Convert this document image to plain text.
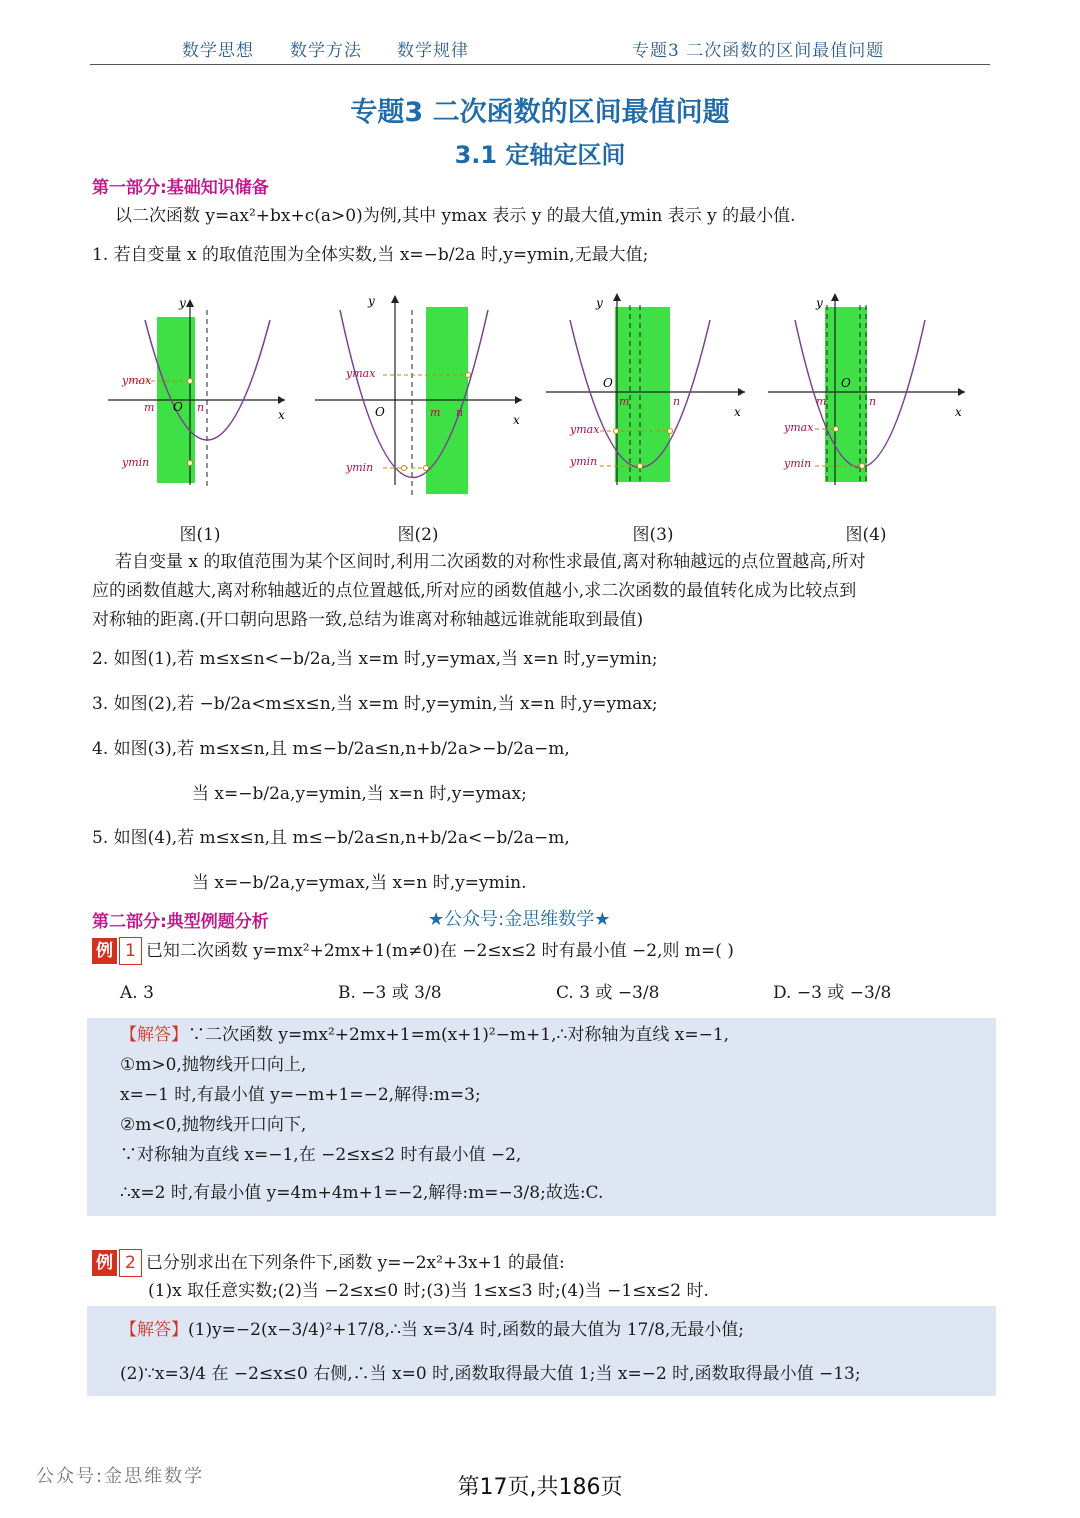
数学思想 数学方法 数学规律	专题3 二次函数的区间最值问题
专题3 二次函数的区间最值问题
3.1 定轴定区间
第一部分:基础知识储备
以二次函数 y=ax²+bx+c(a>0)为例,其中 ymax 表示 y 的最大值,ymin 表示 y 的最小值.
1. 若自变量 x 的取值范围为全体实数,当 x=−b/2a 时,y=ymin,无最大值;
y
x
O
m	n
ymax
ymin
y
x
O	m n
ymax
ymin
y
x
O
m	n
ymax
ymin
y
x
O
m	n
ymax
ymin
图(1)	图(2)	图(3)	图(4)
若自变量 x 的取值范围为某个区间时,利用二次函数的对称性求最值,离对称轴越远的点位置越高,所对
应的函数值越大,离对称轴越近的点位置越低,所对应的函数值越小,求二次函数的最值转化成为比较点到
对称轴的距离.(开口朝向思路一致,总结为谁离对称轴越远谁就能取到最值)
2. 如图(1),若 m≤x≤n<−b/2a,当 x=m 时,y=ymax,当 x=n 时,y=ymin;
3. 如图(2),若 −b/2a<m≤x≤n,当 x=m 时,y=ymin,当 x=n 时,y=ymax;
4. 如图(3),若 m≤x≤n,且 m≤−b/2a≤n,n+b/2a>−b/2a−m,
当 x=−b/2a,y=ymin,当 x=n 时,y=ymax;
5. 如图(4),若 m≤x≤n,且 m≤−b/2a≤n,n+b/2a<−b/2a−m,
当 x=−b/2a,y=ymax,当 x=n 时,y=ymin.
第二部分:典型例题分析	★公众号:金思维数学★
例 1 已知二次函数 y=mx²+2mx+1(m≠0)在 −2≤x≤2 时有最小值 −2,则 m=( )
A. 3	B. −3 或 3/8	C. 3 或 −3/8	D. −3 或 −3/8
【解答】∵二次函数 y=mx²+2mx+1=m(x+1)²−m+1,∴对称轴为直线 x=−1,
①m>0,抛物线开口向上,
x=−1 时,有最小值 y=−m+1=−2,解得:m=3;
②m<0,抛物线开口向下,
∵对称轴为直线 x=−1,在 −2≤x≤2 时有最小值 −2,
∴x=2 时,有最小值 y=4m+4m+1=−2,解得:m=−3/8;故选:C.
例 2 已分别求出在下列条件下,函数 y=−2x²+3x+1 的最值:
(1)x 取任意实数;(2)当 −2≤x≤0 时;(3)当 1≤x≤3 时;(4)当 −1≤x≤2 时.
【解答】(1)y=−2(x−3/4)²+17/8,∴当 x=3/4 时,函数的最大值为 17/8,无最小值;
(2)∵x=3/4 在 −2≤x≤0 右侧,∴当 x=0 时,函数取得最大值 1;当 x=−2 时,函数取得最小值 −13;
公众号:金思维数学	第17页,共186页
